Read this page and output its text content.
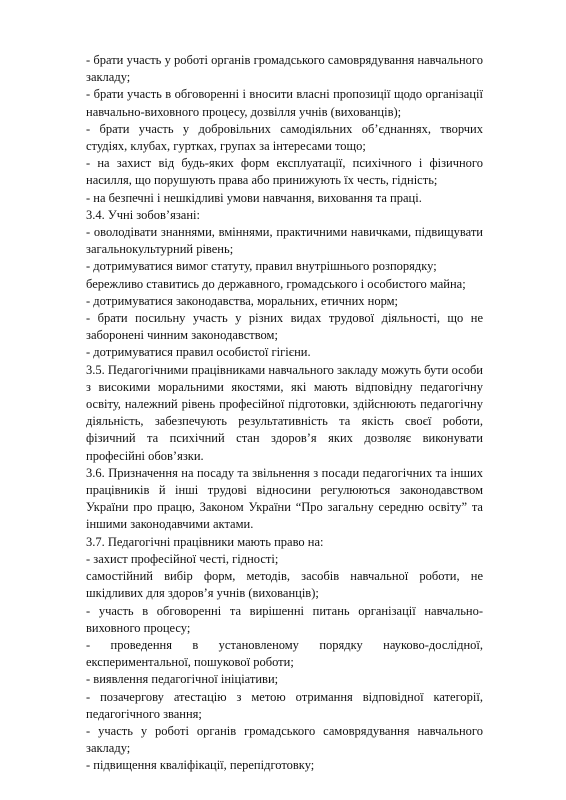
- брати участь у роботі органів громадського самоврядування навчального закладу;

- брати участь в обговоренні і вносити власні пропозиції щодо організації навчально-виховного процесу, дозвілля учнів (вихованців);

- брати участь у добровільних самодіяльних об’єднаннях, творчих студіях, клубах, гуртках, групах за інтересами тощо;

- на захист від будь-яких форм експлуатації, психічного і фізичного насилля, що порушують права або принижують їх честь, гідність;

- на безпечні і нешкідливі умови навчання, виховання та праці.

3.4. Учні зобов’язані:

- оволодівати знаннями, вміннями, практичними навичками, підвищувати загальнокультурний рівень;

- дотримуватися вимог статуту, правил внутрішнього розпорядку;

бережливо ставитись до державного, громадського і особистого майна;

- дотримуватися законодавства, моральних, етичних норм;

- брати посильну участь у різних видах трудової діяльності, що не заборонені чинним законодавством;

- дотримуватися правил особистої гігієни.

3.5. Педагогічними працівниками навчального закладу можуть бути особи з високими моральними якостями, які мають відповідну педагогічну освіту, належний рівень професійної підготовки, здійснюють педагогічну діяльність, забезпечують результативність та якість своєї роботи, фізичний та психічний стан здоров’я яких дозволяє виконувати професійні обов’язки.

3.6. Призначення на посаду та звільнення з посади педагогічних та інших працівників й інші трудові відносини регулюються законодавством України про працю, Законом України “Про загальну середню освіту” та іншими законодавчими актами.

3.7. Педагогічні працівники мають право на:

- захист професійної честі, гідності;

самостійний вибір форм, методів, засобів навчальної роботи, не шкідливих для здоров’я учнів (вихованців);

- участь в обговоренні та вирішенні питань організації навчально-виховного процесу;

- проведення в установленому порядку науково-дослідної, експериментальної, пошукової роботи;

- виявлення педагогічної ініціативи;

- позачергову атестацію з метою отримання відповідної категорії, педагогічного звання;

- участь у роботі органів громадського самоврядування навчального закладу;

- підвищення кваліфікації, перепідготовку;
